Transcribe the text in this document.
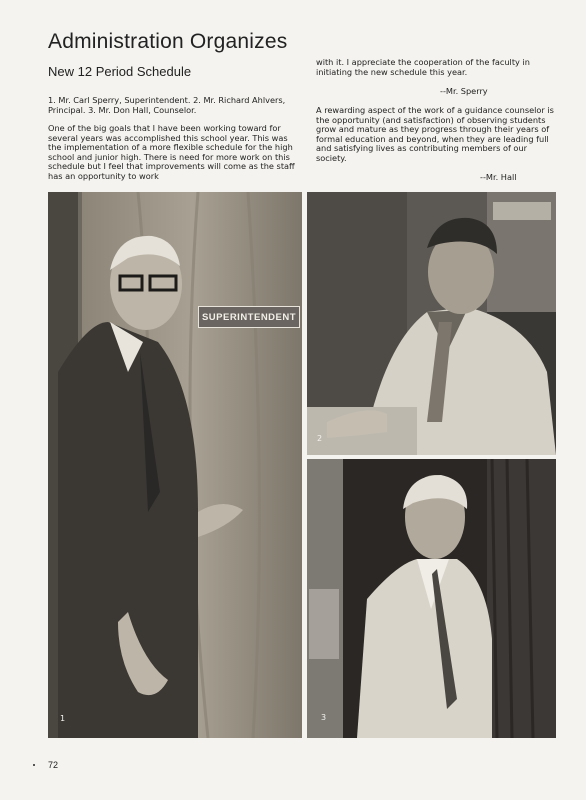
Administration Organizes
New 12 Period Schedule

1. Mr. Carl Sperry, Superintendent. 2. Mr. Richard Ahlvers, Principal. 3. Mr. Don Hall, Counselor.

One of the big goals that I have been working toward for several years was accomplished this school year. This was the implementation of a more flexible schedule for the high school and junior high. There is need for more work on this schedule but I feel that improvements will come as the staff has an opportunity to work

with it. I appreciate the cooperation of the faculty in initiating the new schedule this year.

--Mr. Sperry

A rewarding aspect of the work of a guidance counselor is the opportunity (and satisfaction) of observing students grow and mature as they progress through their years of formal education and beyond, when they are leading full and satisfying lives as contributing members of our society.

--Mr. Hall
SUPERINTENDENT
1
2
3
72
